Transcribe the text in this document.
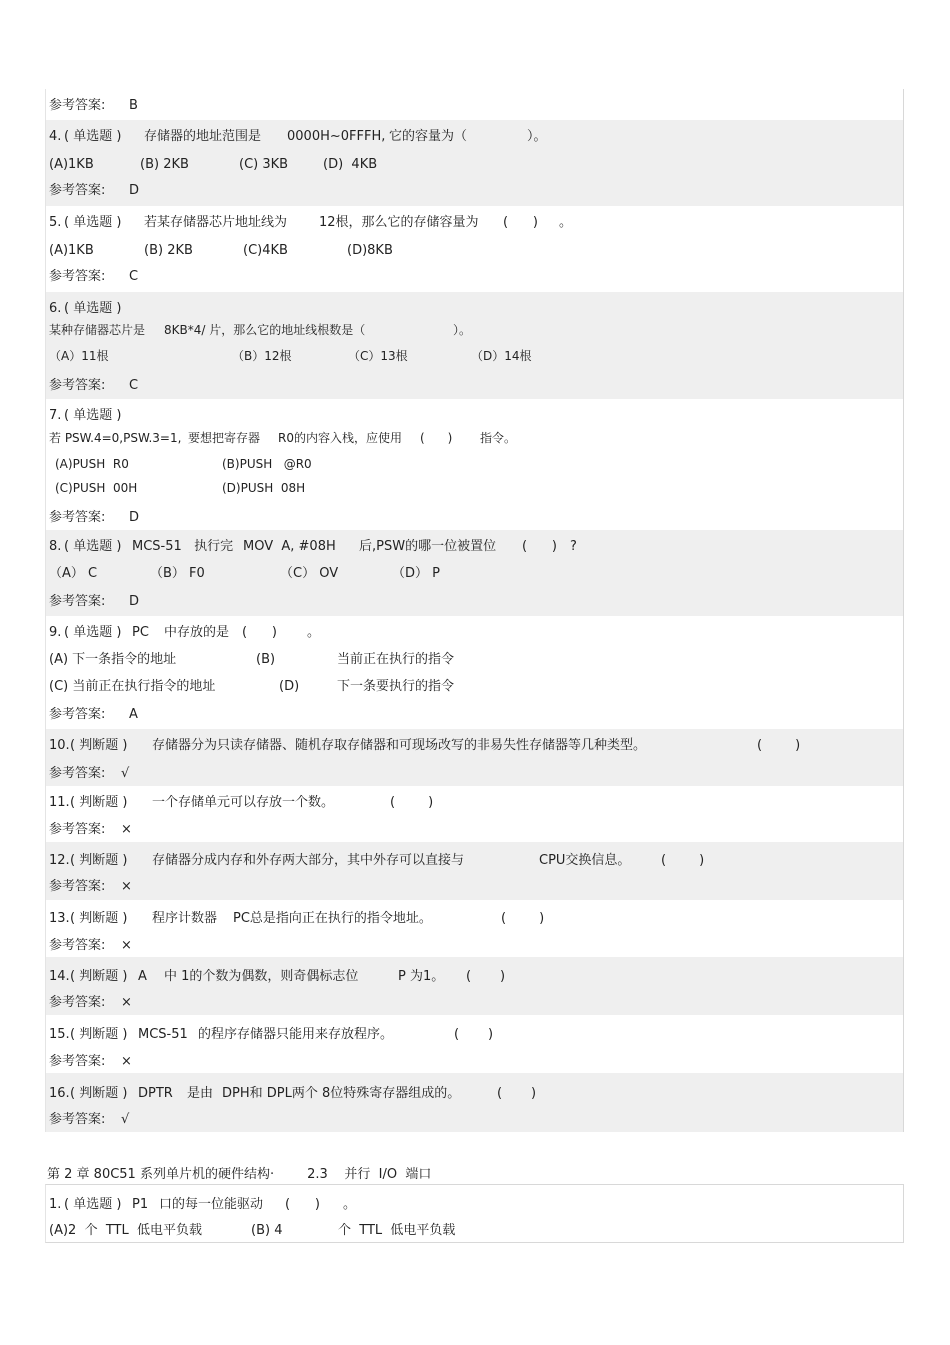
参考答案: B
4. ( 单选题 ) 存储器的地址范围是 0000H~0FFFH, 它的容量为（	）。
(A)1KB	(B) 2KB	(C) 3KB	(D)  4KB
参考答案: D
5. ( 单选题 ) 若某存储器芯片地址线为 12根，那么它的存储容量为 (      ) 。
(A)1KB	(B) 2KB	(C)4KB	(D)8KB
参考答案: C
6. ( 单选题 )
某种存储器芯片是 8KB*4/ 片，那么它的地址线根数是（	）。
（A）11根	（B）12根	（C）13根	（D）14根
参考答案: C
7. ( 单选题 )
若 PSW.4=0,PSW.3=1, 要想把寄存器 R0的内容入栈，应使用 (      ) 指令。
(A)PUSH  R0	(B)PUSH   @R0
(C)PUSH  00H	(D)PUSH  08H
参考答案: D
8. ( 单选题 ) MCS-51   执行完 MOV  A, #08H 后,PSW的哪一位被置位 (      ) ?
（A） C	（B） F0	（C） OV	（D） P
参考答案: D
9. ( 单选题 ) PC 中存放的是 (      ) 。
(A) 下一条指令的地址	(B)	当前正在执行的指令
(C) 当前正在执行指令的地址	(D)	下一条要执行的指令
参考答案: A
10. ( 判断题 ) 存储器分为只读存储器、随机存取存储器和可现场改写的非易失性存储器等几种类型。	(        )
参考答案: √
11. ( 判断题 ) 一个存储单元可以存放一个数。	(        )
参考答案: ×
12. ( 判断题 ) 存储器分成内存和外存两大部分，其中外存可以直接与	CPU交换信息。 (        )
参考答案: ×
13. ( 判断题 ) 程序计数器 PC总是指向正在执行的指令地址。	(        )
参考答案: ×
14. ( 判断题 ) A 中 1的个数为偶数，则奇偶标志位	P 为1。 (       )
参考答案: ×
15. ( 判断题 ) MCS-51 的程序存储器只能用来存放程序。	(       )
参考答案: ×
16. ( 判断题 ) DPTR 是由 DPH和 DPL两个 8位特殊寄存器组成的。	(       )
参考答案: √
第 2 章 80C51 系列单片机的硬件结构·        2.3    并行  I/O  端口
1. ( 单选题 ) P1 口的每一位能驱动 (      ) 。
(A)2  个  TTL  低电平负载	(B) 4	个  TTL  低电平负载
